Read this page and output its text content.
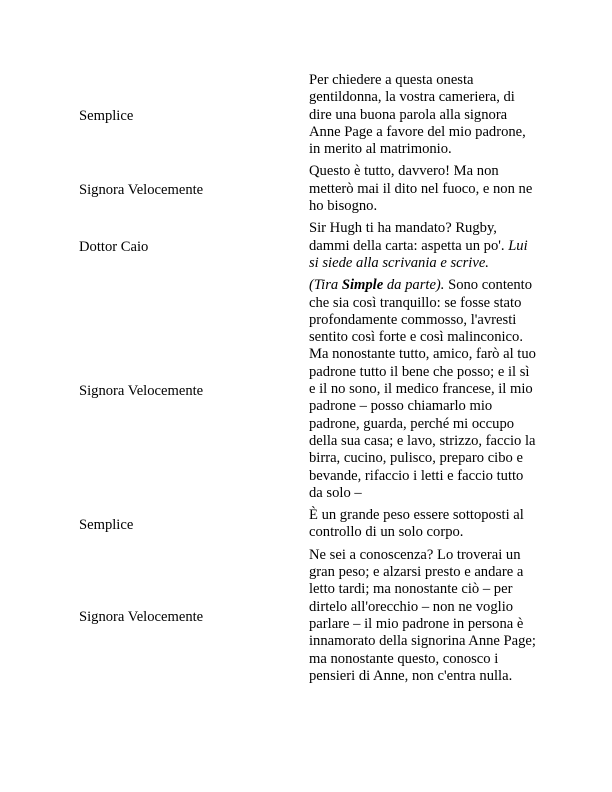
Semplice	Per chiedere a questa onesta gentildonna, la vostra cameriera, di dire una buona parola alla signora Anne Page a favore del mio padrone, in merito al matrimonio.
Signora Velocemente	Questo è tutto, davvero! Ma non metterò mai il dito nel fuoco, e non ne ho bisogno.
Dottor Caio	Sir Hugh ti ha mandato? Rugby, dammi della carta: aspetta un po'. Lui si siede alla scrivania e scrive.
Signora Velocemente	(Tira Simple da parte). Sono contento che sia così tranquillo: se fosse stato profondamente commosso, l'avresti sentito così forte e così malinconico. Ma nonostante tutto, amico, farò al tuo padrone tutto il bene che posso; e il sì e il no sono, il medico francese, il mio padrone – posso chiamarlo mio padrone, guarda, perché mi occupo della sua casa; e lavo, strizzo, faccio la birra, cucino, pulisco, preparo cibo e bevande, rifaccio i letti e faccio tutto da solo –
Semplice	È un grande peso essere sottoposti al controllo di un solo corpo.
Signora Velocemente	Ne sei a conoscenza? Lo troverai un gran peso; e alzarsi presto e andare a letto tardi; ma nonostante ciò – per dirtelo all'orecchio – non ne voglio parlare – il mio padrone in persona è innamorato della signorina Anne Page; ma nonostante questo, conosco i pensieri di Anne, non c'entra nulla.
